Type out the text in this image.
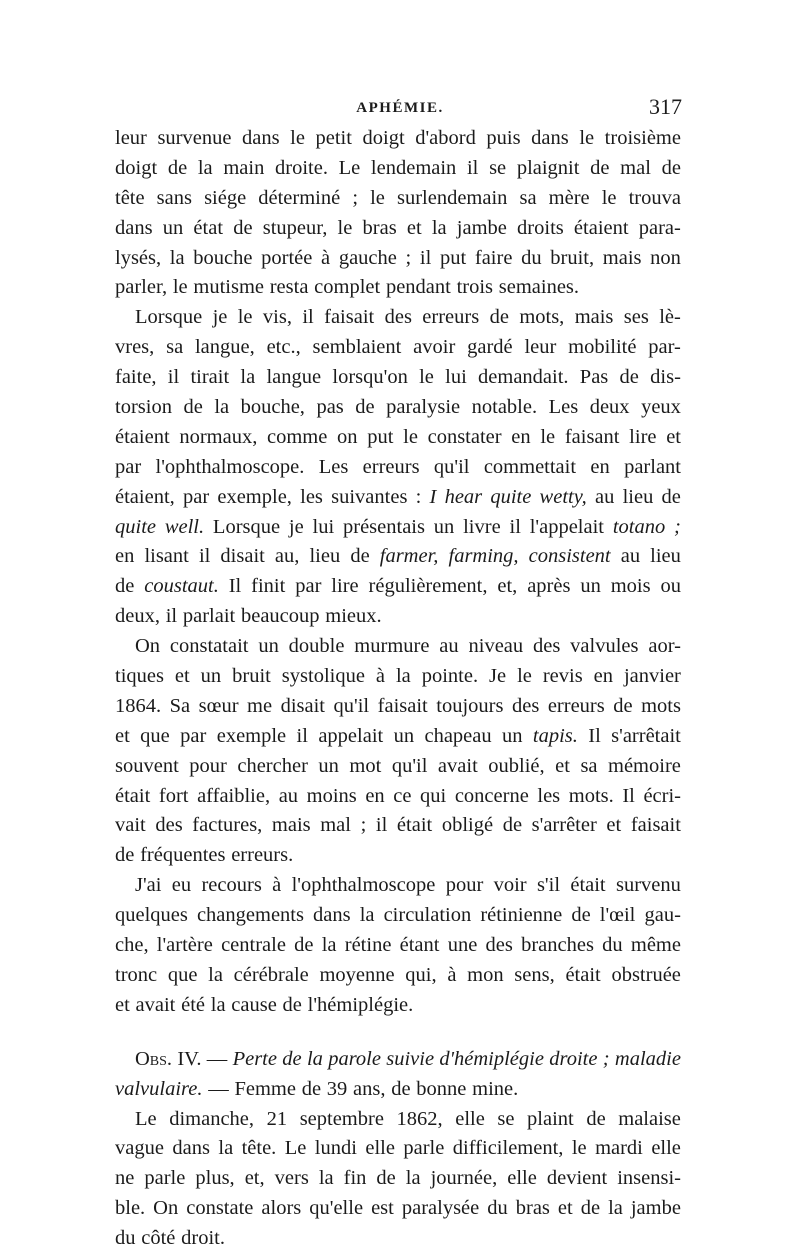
APHÉMIE.	317
leur survenue dans le petit doigt d'abord puis dans le troisième
doigt de la main droite. Le lendemain il se plaignit de mal de
tête sans siége déterminé ; le surlendemain sa mère le trouva
dans un état de stupeur, le bras et la jambe droits étaient para-
lysés, la bouche portée à gauche ; il put faire du bruit, mais non
parler, le mutisme resta complet pendant trois semaines.
Lorsque je le vis, il faisait des erreurs de mots, mais ses lè-
vres, sa langue, etc., semblaient avoir gardé leur mobilité par-
faite, il tirait la langue lorsqu'on le lui demandait. Pas de dis-
torsion de la bouche, pas de paralysie notable. Les deux yeux
étaient normaux, comme on put le constater en le faisant lire et
par l'ophthalmoscope. Les erreurs qu'il commettait en parlant
étaient, par exemple, les suivantes : I hear quite wetty, au lieu de
quite well. Lorsque je lui présentais un livre il l'appelait totano ;
en lisant il disait au, lieu de farmer, farming, consistent au lieu
de coustaut. Il finit par lire régulièrement, et, après un mois ou
deux, il parlait beaucoup mieux.
On constatait un double murmure au niveau des valvules aor-
tiques et un bruit systolique à la pointe. Je le revis en janvier
1864. Sa sœur me disait qu'il faisait toujours des erreurs de mots
et que par exemple il appelait un chapeau un tapis. Il s'arrêtait
souvent pour chercher un mot qu'il avait oublié, et sa mémoire
était fort affaiblie, au moins en ce qui concerne les mots. Il écri-
vait des factures, mais mal ; il était obligé de s'arrêter et faisait
de fréquentes erreurs.
J'ai eu recours à l'ophthalmoscope pour voir s'il était survenu
quelques changements dans la circulation rétinienne de l'œil gau-
che, l'artère centrale de la rétine étant une des branches du même
tronc que la cérébrale moyenne qui, à mon sens, était obstruée
et avait été la cause de l'hémiplégie.
Obs. IV. — Perte de la parole suivie d'hémiplégie droite ; maladie
valvulaire. — Femme de 39 ans, de bonne mine.
Le dimanche, 21 septembre 1862, elle se plaint de malaise
vague dans la tête. Le lundi elle parle difficilement, le mardi elle
ne parle plus, et, vers la fin de la journée, elle devient insensi-
ble. On constate alors qu'elle est paralysée du bras et de la jambe
du côté droit.
